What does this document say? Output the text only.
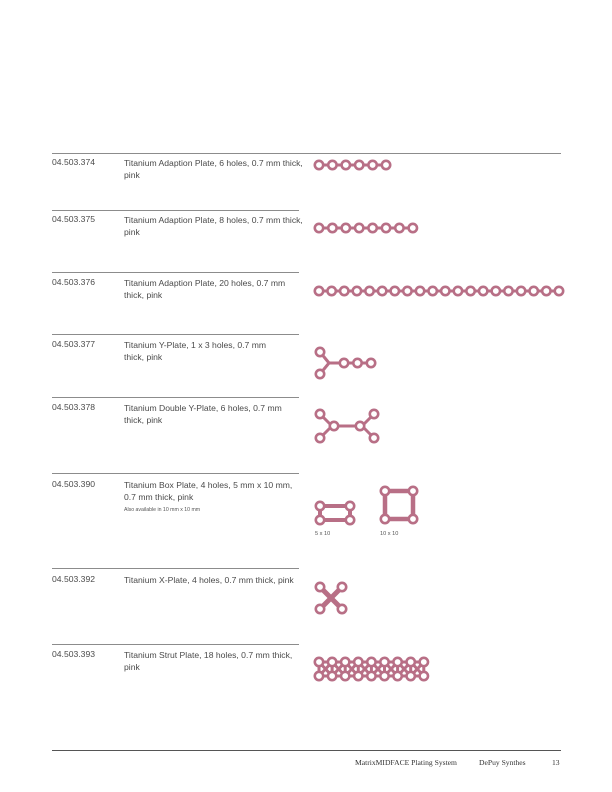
04.503.374	Titanium Adaption Plate, 6 holes, 0.7 mm thick, pink
04.503.375	Titanium Adaption Plate, 8 holes, 0.7 mm thick, pink
04.503.376	Titanium Adaption Plate, 20 holes, 0.7 mm thick, pink
04.503.377	Titanium Y-Plate, 1 x 3 holes, 0.7 mm thick, pink
04.503.378	Titanium Double Y-Plate, 6 holes, 0.7 mm thick, pink
04.503.390	Titanium Box Plate, 4 holes, 5 mm x 10 mm, 0.7 mm thick, pink
Also available in 10 mm x 10 mm
04.503.392	Titanium X-Plate, 4 holes, 0.7 mm thick, pink
04.503.393	Titanium Strut Plate, 18 holes, 0.7 mm thick, pink
5 x 10	10 x 10
MatrixMIDFACE Plating System	DePuy Synthes	13
